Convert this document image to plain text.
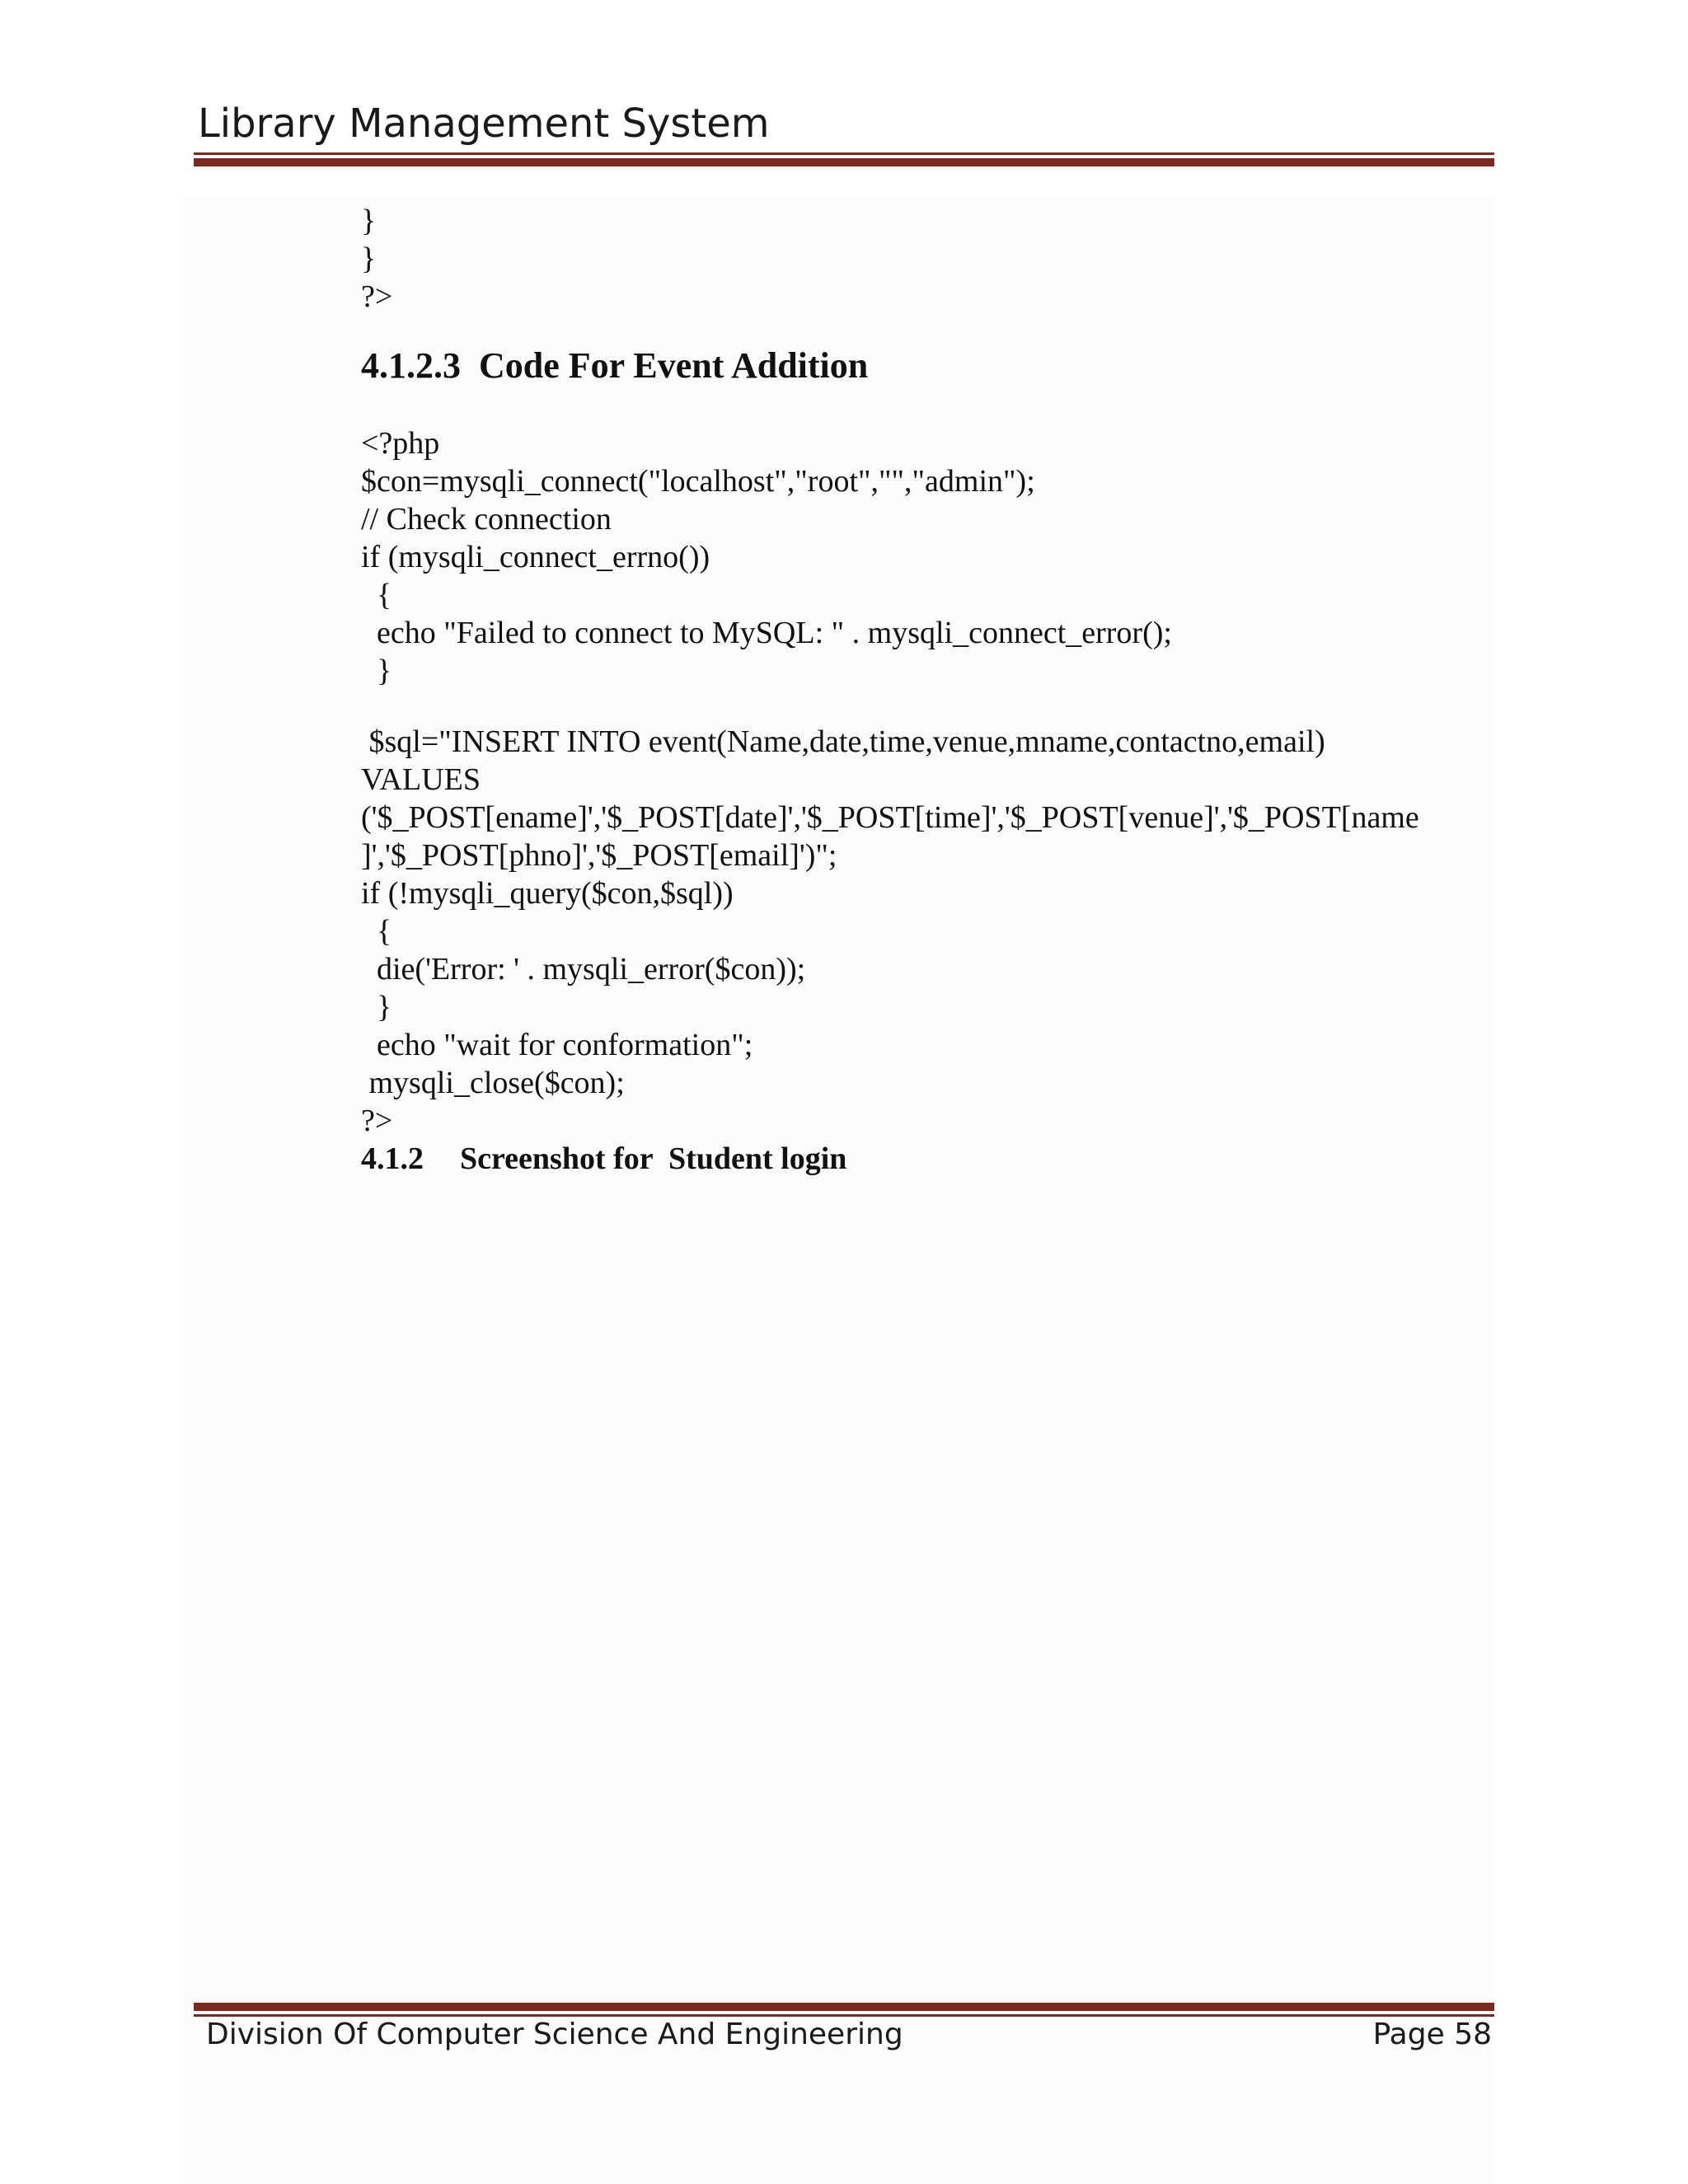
Library Management System
}
}
?>
4.1.2.3  Code For Event Addition
<?php
$con=mysqli_connect("localhost","root","","admin");
// Check connection
if (mysqli_connect_errno())
{
echo "Failed to connect to MySQL: " . mysqli_connect_error();
}
$sql="INSERT INTO event(Name,date,time,venue,mname,contactno,email)
VALUES
('$_POST[ename]','$_POST[date]','$_POST[time]','$_POST[venue]','$_POST[name
]','$_POST[phno]','$_POST[email]')";
if (!mysqli_query($con,$sql))
{
die('Error: ' . mysqli_error($con));
}
echo "wait for conformation";
mysqli_close($con);
?>
4.1.2 Screenshot for  Student login
Division Of Computer Science And Engineering	Page 58
